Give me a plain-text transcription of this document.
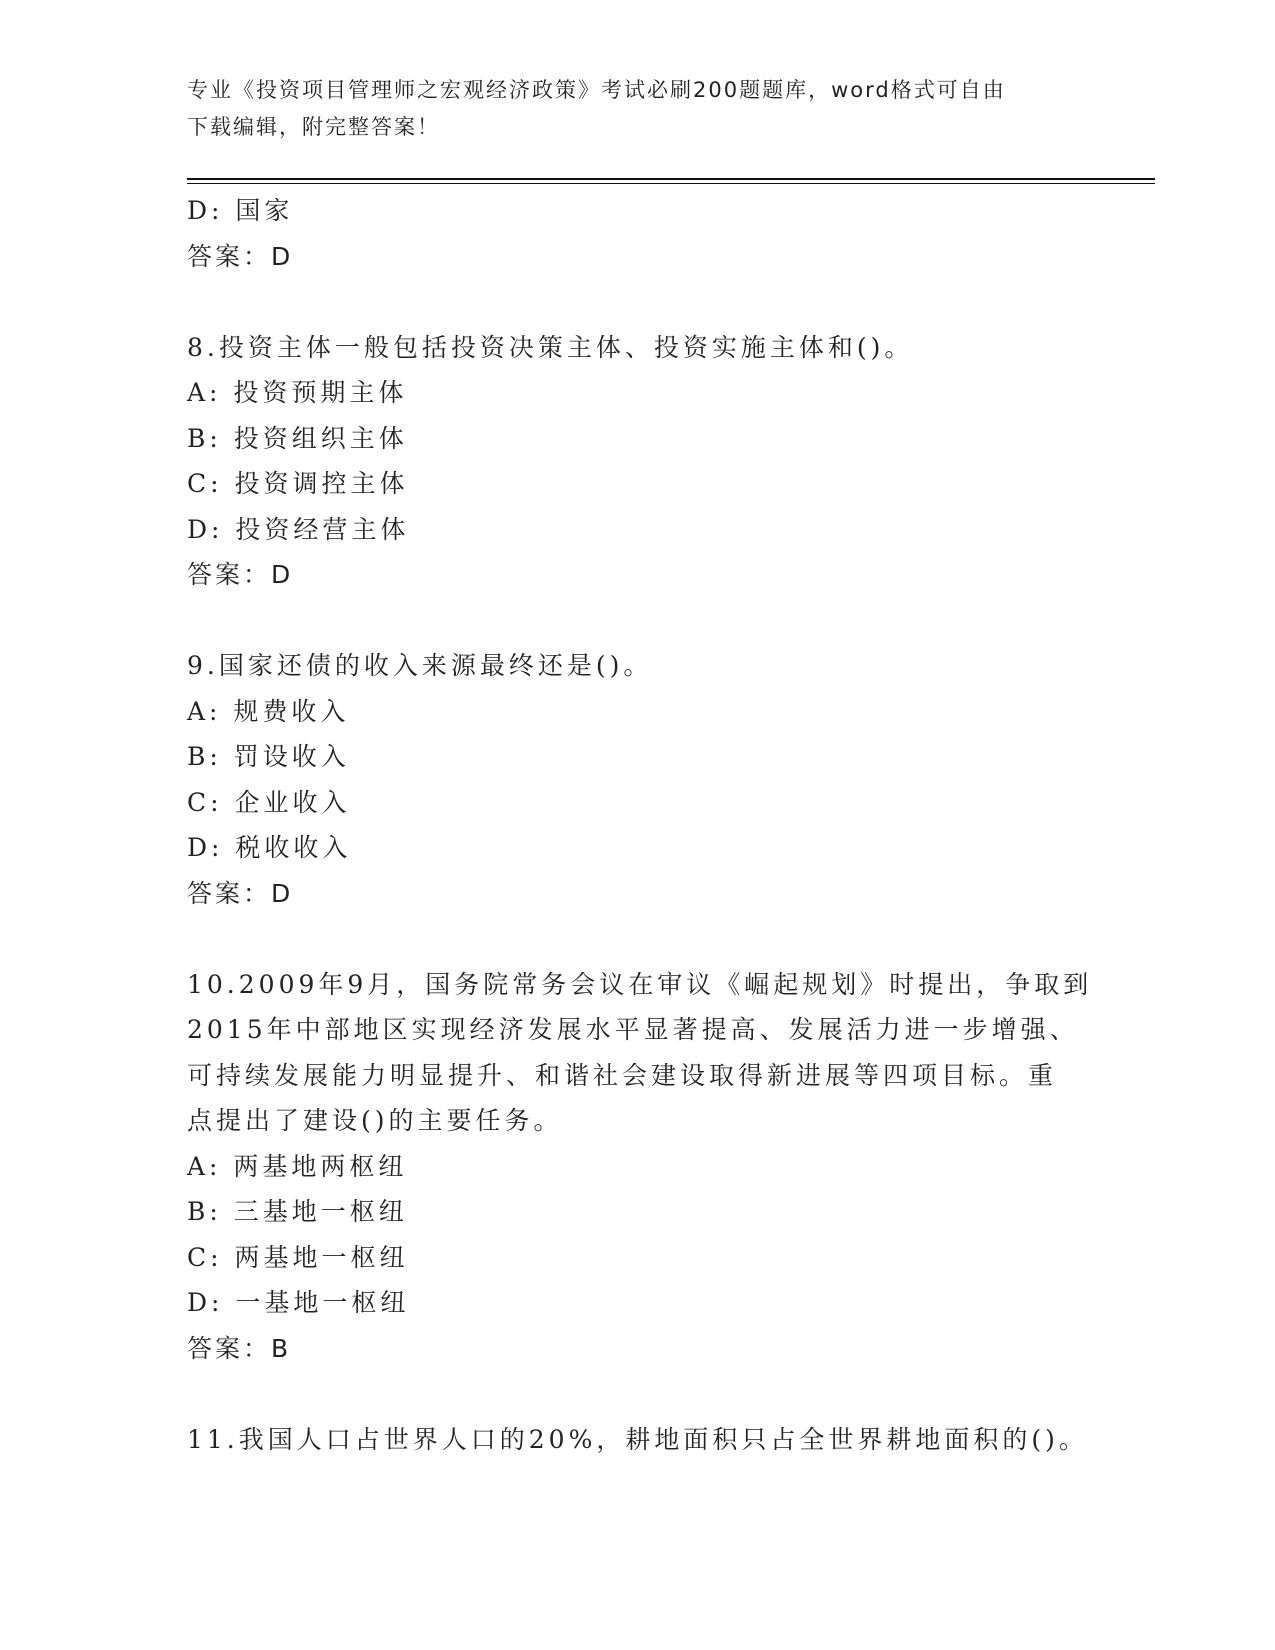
专业《投资项目管理师之宏观经济政策》考试必刷200题题库，word格式可自由
下载编辑，附完整答案！
D: 国家
答案：D
8.投资主体一般包括投资决策主体、投资实施主体和()。
A: 投资预期主体
B: 投资组织主体
C: 投资调控主体
D: 投资经营主体
答案：D
9.国家还债的收入来源最终还是()。
A: 规费收入
B: 罚设收入
C: 企业收入
D: 税收收入
答案：D
10.2009年9月，国务院常务会议在审议《崛起规划》时提出，争取到
2015年中部地区实现经济发展水平显著提高、发展活力进一步增强、
可持续发展能力明显提升、和谐社会建设取得新进展等四项目标。重
点提出了建设()的主要任务。
A: 两基地两枢纽
B: 三基地一枢纽
C: 两基地一枢纽
D: 一基地一枢纽
答案：B
11.我国人口占世界人口的20%，耕地面积只占全世界耕地面积的()。
